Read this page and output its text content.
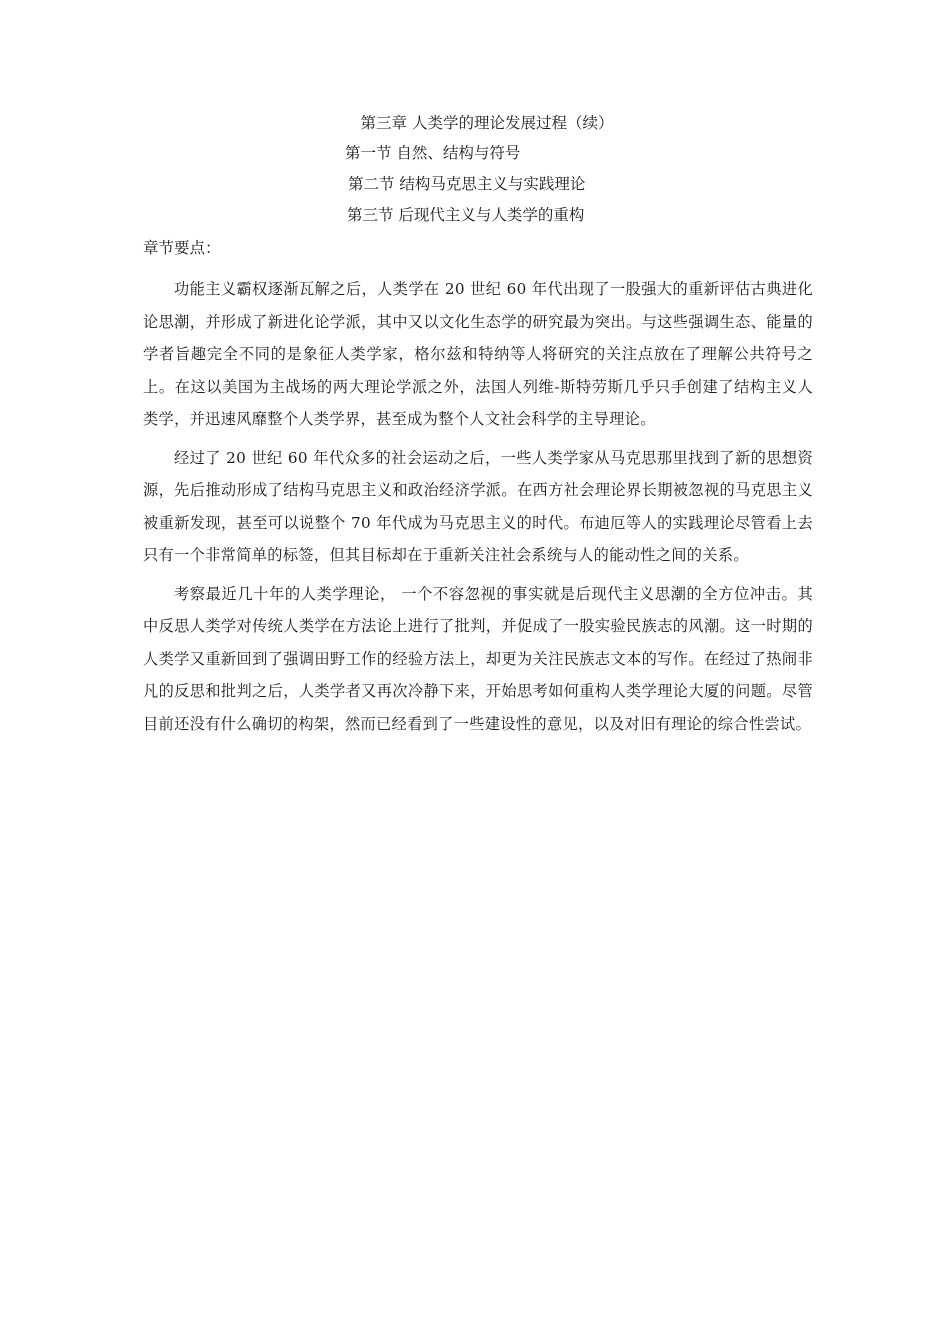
第三章 人类学的理论发展过程（续）
第一节 自然、结构与符号
第二节 结构马克思主义与实践理论
第三节 后现代主义与人类学的重构
章节要点：

功能主义霸权逐渐瓦解之后，人类学在 20 世纪 60 年代出现了一股强大的重新评估古典进化论思潮，并形成了新进化论学派，其中又以文化生态学的研究最为突出。与这些强调生态、能量的学者旨趣完全不同的是象征人类学家，格尔兹和特纳等人将研究的关注点放在了理解公共符号之上。在这以美国为主战场的两大理论学派之外，法国人列维-斯特劳斯几乎只手创建了结构主义人类学，并迅速风靡整个人类学界，甚至成为整个人文社会科学的主导理论。

经过了 20 世纪 60 年代众多的社会运动之后，一些人类学家从马克思那里找到了新的思想资源，先后推动形成了结构马克思主义和政治经济学派。在西方社会理论界长期被忽视的马克思主义被重新发现，甚至可以说整个 70 年代成为马克思主义的时代。布迪厄等人的实践理论尽管看上去只有一个非常简单的标签，但其目标却在于重新关注社会系统与人的能动性之间的关系。

考察最近几十年的人类学理论， 一个不容忽视的事实就是后现代主义思潮的全方位冲击。其中反思人类学对传统人类学在方法论上进行了批判，并促成了一股实验民族志的风潮。这一时期的人类学又重新回到了强调田野工作的经验方法上，却更为关注民族志文本的写作。在经过了热闹非凡的反思和批判之后，人类学者又再次冷静下来，开始思考如何重构人类学理论大厦的问题。尽管目前还没有什么确切的构架，然而已经看到了一些建设性的意见，以及对旧有理论的综合性尝试。
